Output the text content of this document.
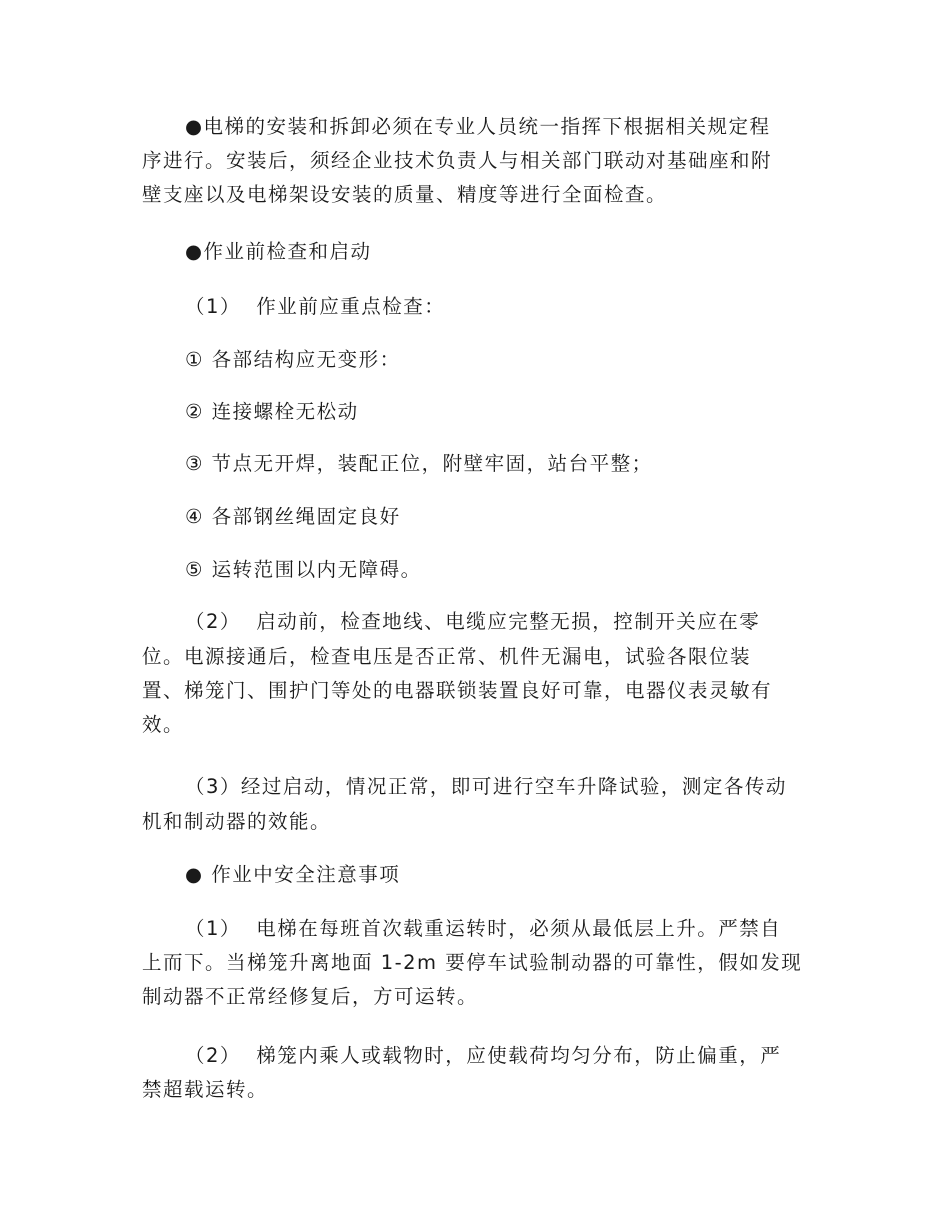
●电梯的安装和拆卸必须在专业人员统一指挥下根据相关规定程
序进行。安装后，须经企业技术负责人与相关部门联动对基础座和附
壁支座以及电梯架设安装的质量、精度等进行全面检查。
●作业前检查和启动
（1）  作业前应重点检查：
① 各部结构应无变形：
② 连接螺栓无松动
③ 节点无开焊，装配正位，附壁牢固，站台平整；
④ 各部钢丝绳固定良好
⑤ 运转范围以内无障碍。
（2）  启动前，检查地线、电缆应完整无损，控制开关应在零
位。电源接通后，检查电压是否正常、机件无漏电，试验各限位装
置、梯笼门、围护门等处的电器联锁装置良好可靠，电器仪表灵敏有
效。
（3）经过启动，情况正常，即可进行空车升降试验，测定各传动
机和制动器的效能。
● 作业中安全注意事项
（1）  电梯在每班首次载重运转时，必须从最低层上升。严禁自
上而下。当梯笼升离地面 1-2m 要停车试验制动器的可靠性，假如发现
制动器不正常经修复后，方可运转。
（2）  梯笼内乘人或载物时，应使载荷均匀分布，防止偏重，严
禁超载运转。
